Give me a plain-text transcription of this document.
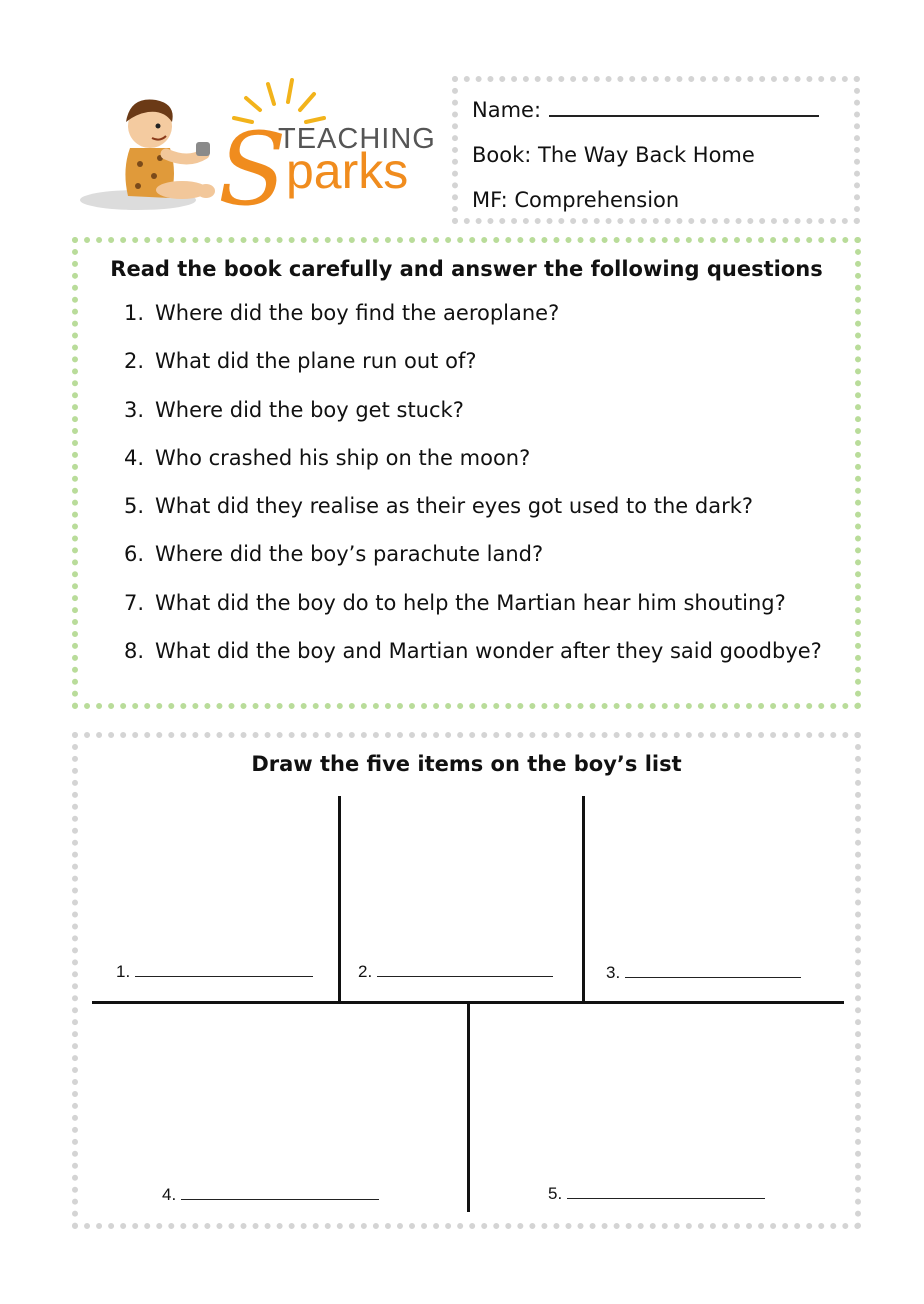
S
TEACHING
parks
Name:
Book: The Way Back Home
MF: Comprehension
Read the book carefully and answer the following questions
1. Where did the boy find the aeroplane?
2. What did the plane run out of?
3. Where did the boy get stuck?
4. Who crashed his ship on the moon?
5. What did they realise as their eyes got used to the dark?
6. Where did the boy’s parachute land?
7. What did the boy do to help the Martian hear him shouting?
8. What did the boy and Martian wonder after they said goodbye?
Draw the five items on the boy’s list
1.	2.	3.
4.	5.
